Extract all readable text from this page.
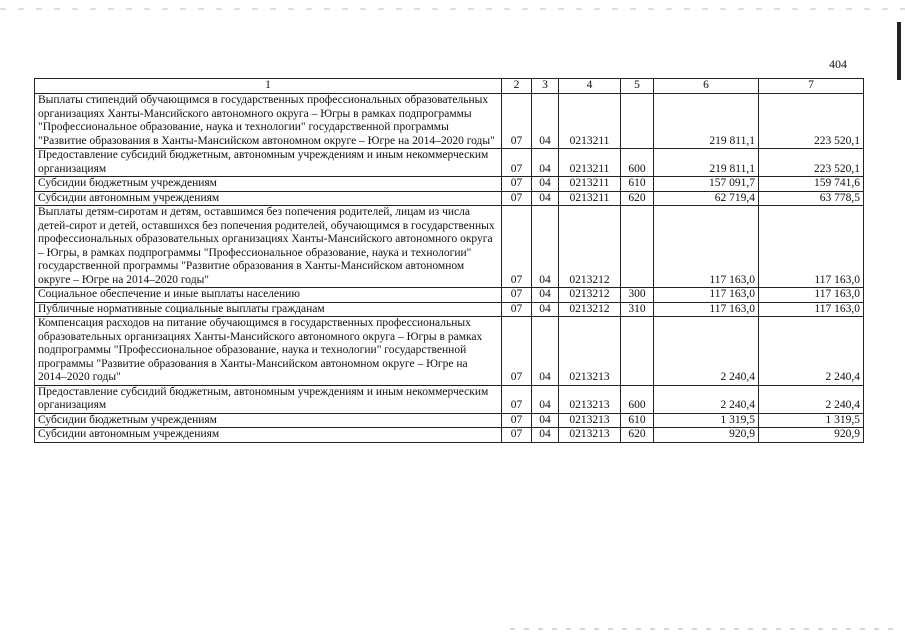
404
1	2	3	4	5	6	7
Выплаты стипендий обучающимся в государственных профессиональных образовательных организациях Ханты-Мансийского автономного округа – Югры в рамках подпрограммы "Профессиональное образование, наука и технологии" государственной программы "Развитие образования в Ханты-Мансийском автономном округе – Югре на 2014–2020 годы"	07	04	0213211		219 811,1	223 520,1
Предоставление субсидий бюджетным, автономным учреждениям и иным некоммерческим организациям	07	04	0213211	600	219 811,1	223 520,1
Субсидии бюджетным учреждениям	07	04	0213211	610	157 091,7	159 741,6
Субсидии автономным учреждениям	07	04	0213211	620	62 719,4	63 778,5
Выплаты детям-сиротам и детям, оставшимся без попечения родителей, лицам из числа детей-сирот и детей, оставшихся без попечения родителей, обучающимся в государственных профессиональных образовательных организациях Ханты-Мансийского автономного округа – Югры, в рамках подпрограммы "Профессиональное образование, наука и технологии" государственной программы "Развитие образования в Ханты-Мансийском автономном округе – Югре на 2014–2020 годы"	07	04	0213212		117 163,0	117 163,0
Социальное обеспечение и иные выплаты населению	07	04	0213212	300	117 163,0	117 163,0
Публичные нормативные социальные выплаты гражданам	07	04	0213212	310	117 163,0	117 163,0
Компенсация расходов на питание обучающимся в государственных профессиональных образовательных организациях Ханты-Мансийского автономного округа – Югры в рамках подпрограммы "Профессиональное образование, наука и технологии" государственной программы "Развитие образования в Ханты-Мансийском автономном округе – Югре на 2014–2020 годы"	07	04	0213213		2 240,4	2 240,4
Предоставление субсидий бюджетным, автономным учреждениям и иным некоммерческим организациям	07	04	0213213	600	2 240,4	2 240,4
Субсидии бюджетным учреждениям	07	04	0213213	610	1 319,5	1 319,5
Субсидии автономным учреждениям	07	04	0213213	620	920,9	920,9
